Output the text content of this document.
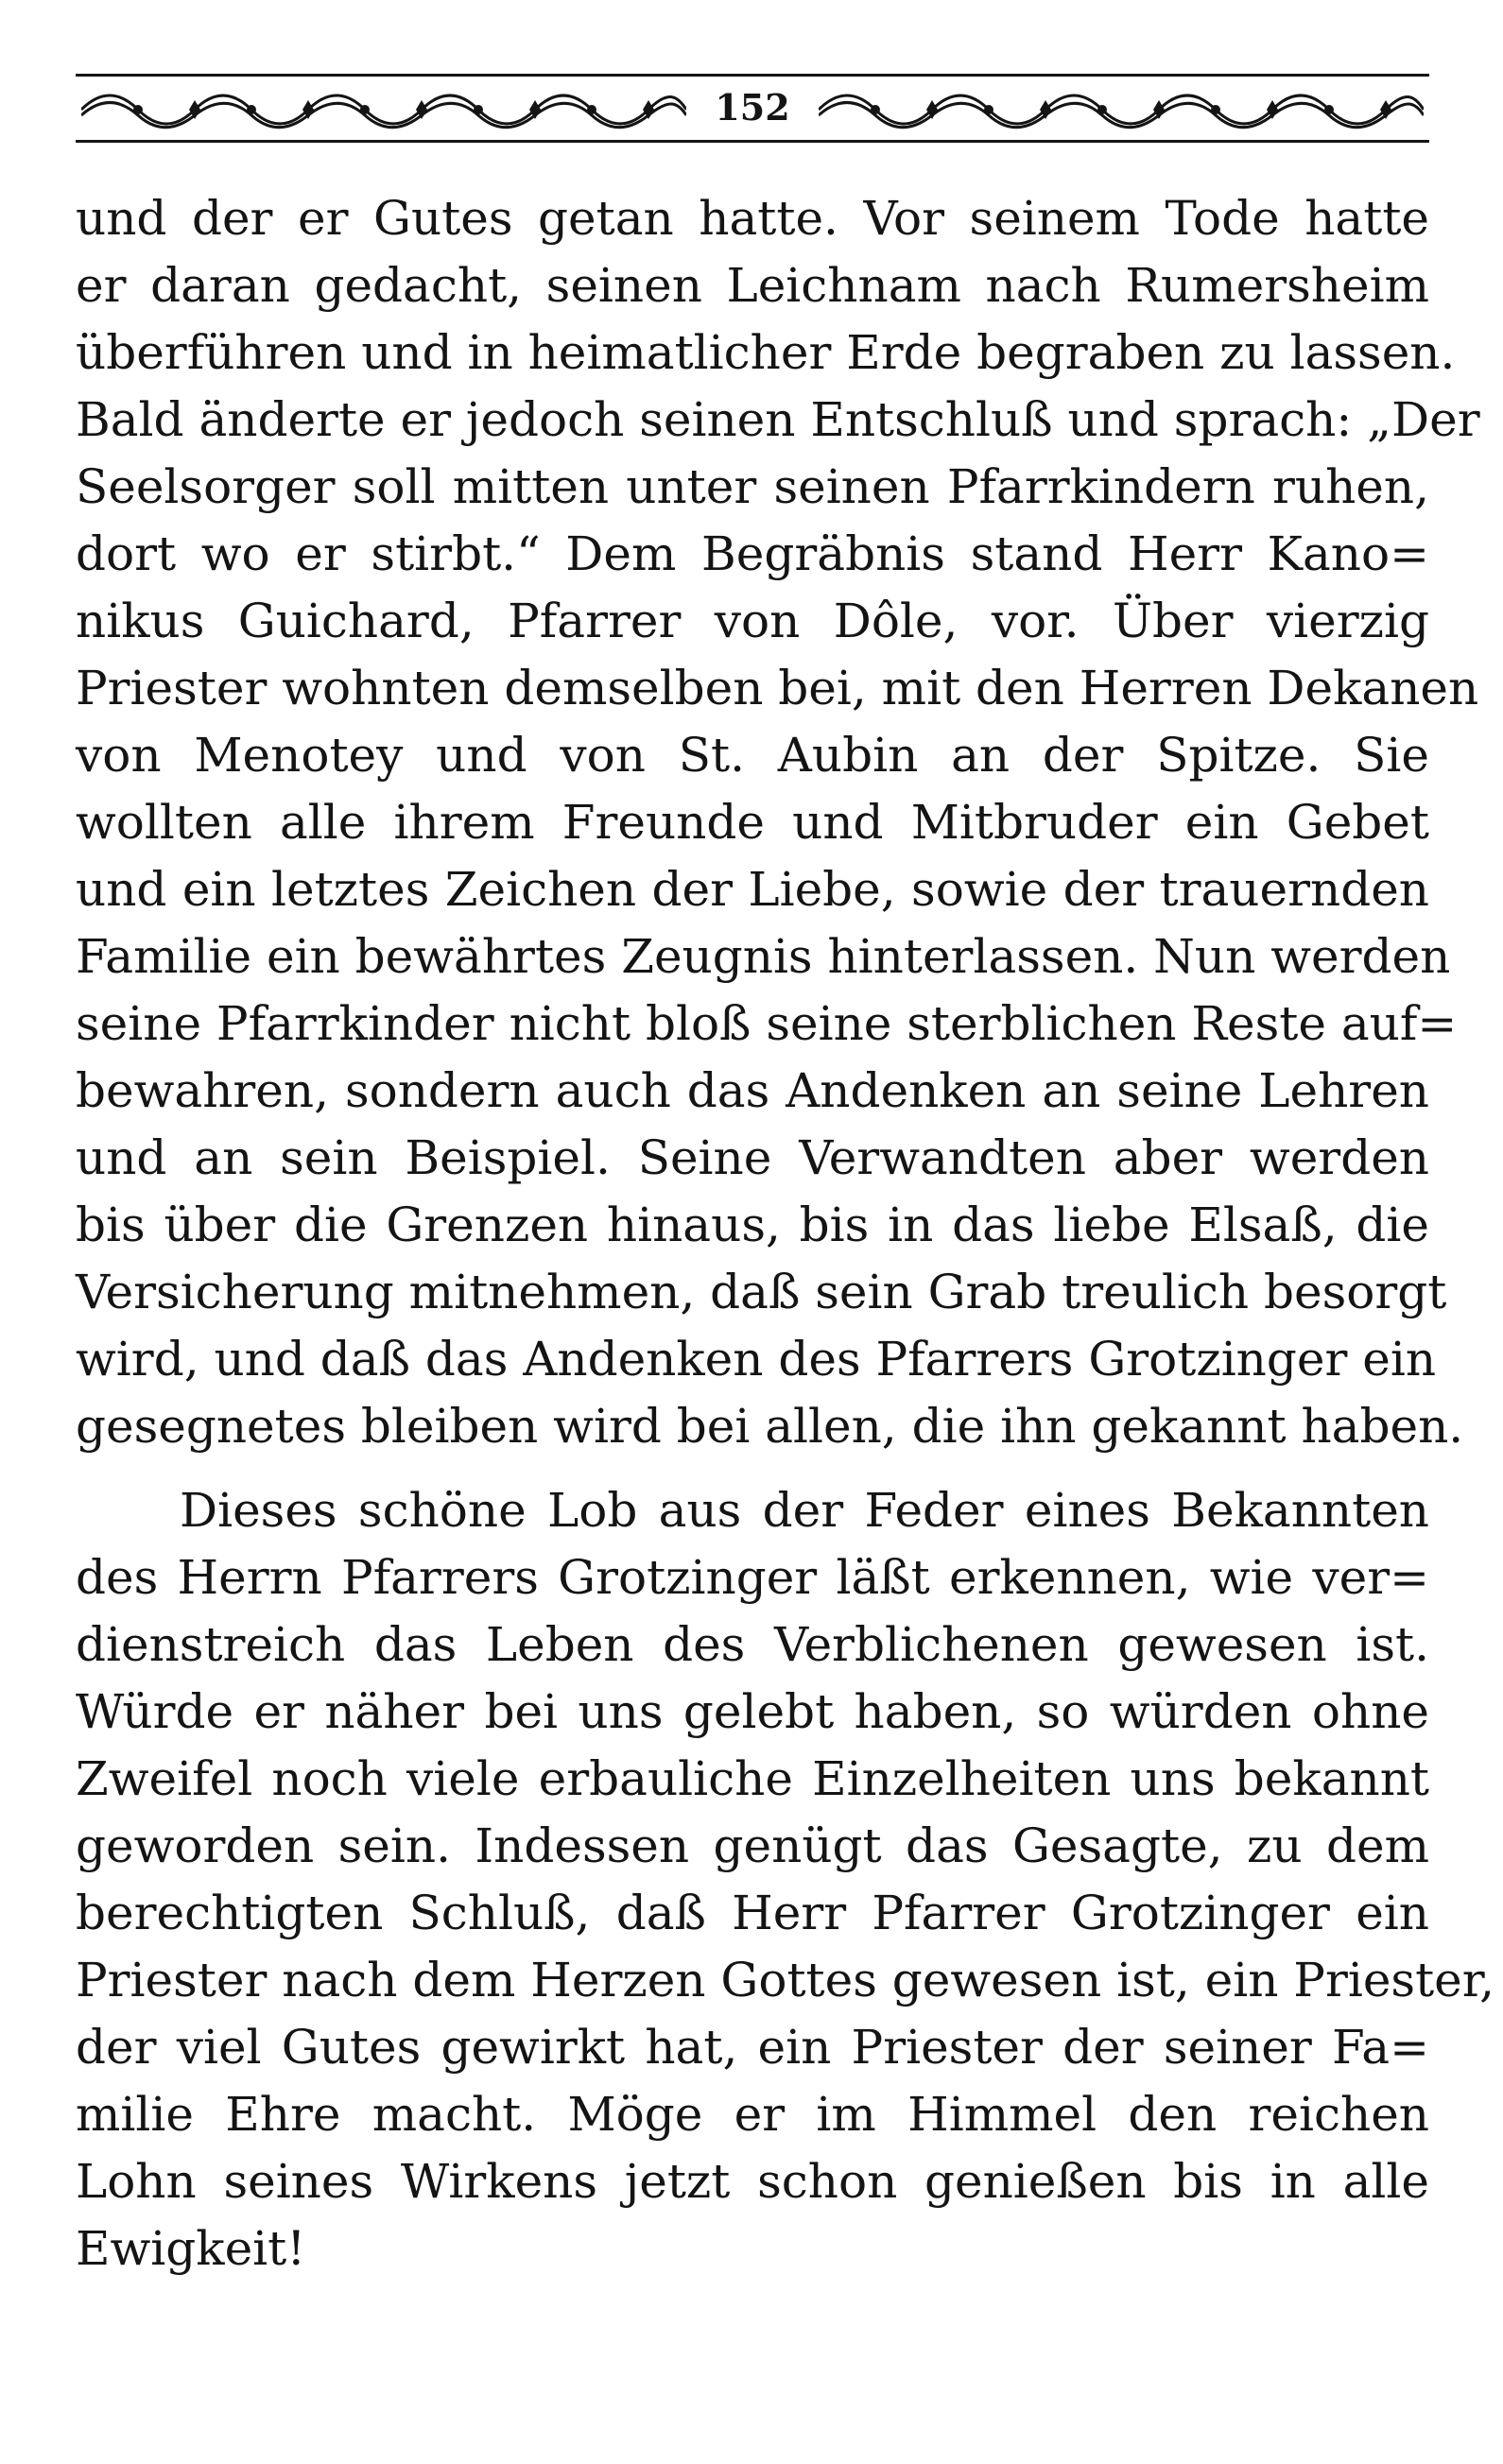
152
und der er Gutes getan hatte. Vor seinem Tode hatte
er daran gedacht, seinen Leichnam nach Rumersheim
überführen und in heimatlicher Erde begraben zu lassen.
Bald änderte er jedoch seinen Entschluß und sprach: „Der
Seelsorger soll mitten unter seinen Pfarrkindern ruhen,
dort wo er stirbt.“ Dem Begräbnis stand Herr Kano=
nikus Guichard, Pfarrer von Dôle, vor. Über vierzig
Priester wohnten demselben bei, mit den Herren Dekanen
von Menotey und von St. Aubin an der Spitze. Sie
wollten alle ihrem Freunde und Mitbruder ein Gebet
und ein letztes Zeichen der Liebe, sowie der trauernden
Familie ein bewährtes Zeugnis hinterlassen. Nun werden
seine Pfarrkinder nicht bloß seine sterblichen Reste auf=
bewahren, sondern auch das Andenken an seine Lehren
und an sein Beispiel. Seine Verwandten aber werden
bis über die Grenzen hinaus, bis in das liebe Elsaß, die
Versicherung mitnehmen, daß sein Grab treulich besorgt
wird, und daß das Andenken des Pfarrers Grotzinger ein
gesegnetes bleiben wird bei allen, die ihn gekannt haben.
Dieses schöne Lob aus der Feder eines Bekannten
des Herrn Pfarrers Grotzinger läßt erkennen, wie ver=
dienstreich das Leben des Verblichenen gewesen ist.
Würde er näher bei uns gelebt haben, so würden ohne
Zweifel noch viele erbauliche Einzelheiten uns bekannt
geworden sein. Indessen genügt das Gesagte, zu dem
berechtigten Schluß, daß Herr Pfarrer Grotzinger ein
Priester nach dem Herzen Gottes gewesen ist, ein Priester,
der viel Gutes gewirkt hat, ein Priester der seiner Fa=
milie Ehre macht. Möge er im Himmel den reichen
Lohn seines Wirkens jetzt schon genießen bis in alle
Ewigkeit!
